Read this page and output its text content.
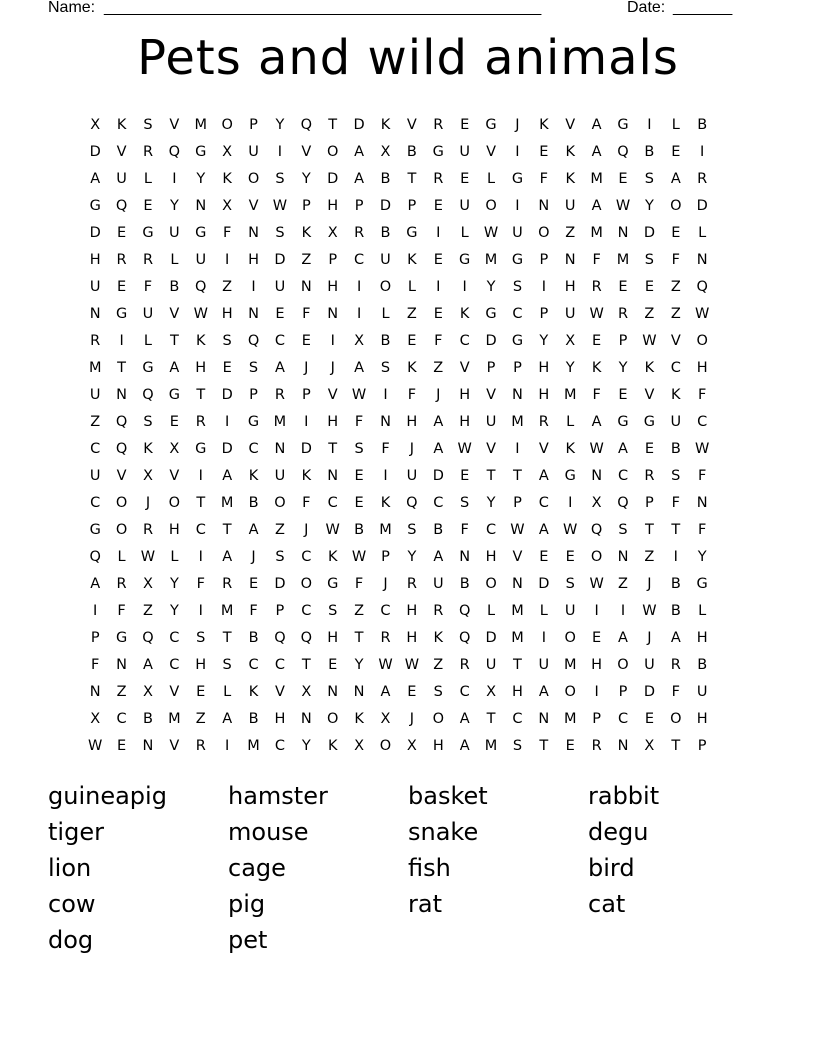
Name: ____________________________________________________	Date: _______
Pets and wild animals
X	K	S	V	M O	P	Y	Q	T	D	K	V	R	E	G	J	K	V	A	G	I	L	B
D	V	R	Q	G	X	U	I	V	O	A	X	B	G	U	V	I	E	K	A	Q	B	E	I
A	U	L	I	Y	K	O	S	Y	D	A	B	T	R	E	L	G	F	K	M	E	S	A	R
G	Q	E	Y	N	X	V W	P	H	P	D	P	E	U	O	I	N	U	A W	Y	O	D
D	E	G	U	G	F	N	S	K	X	R	B	G	I	L	W U	O	Z	M	N	D	E	L
H	R	R	L	U	I	H	D	Z	P	C	U	K	E	G	M	G	P	N	F	M	S	F	N
U	E	F	B	Q	Z	I	U	N	H	I	O	L	I	I	Y	S	I	H	R	E	E	Z	Q
N	G	U	V W H	N	E	F	N	I	L	Z	E	K	G	C	P	U W R	Z	Z W
R	I	L	T	K	S	Q	C	E	I	X	B	E	F	C	D	G	Y	X	E	P	W V	O
M	T	G	A	H	E	S	A	J	J	A	S	K	Z	V	P	P	H	Y	K	Y	K	C	H
U	N	Q	G	T	D	P	R	P	V W	I	F	J	H	V	N	H	M	F	E	V	K	F
Z	Q	S	E	R	I	G	M	I	H	F	N	H	A	H	U	M	R	L	A	G	G	U	C
C	Q	K	X	G	D	C	N	D	T	S	F	J	A W V	I	V	K W A	E	B W
U	V	X	V	I	A	K	U	K	N	E	I	U	D	E	T	T	A	G	N	C	R	S	F
C	O	J	O	T	M	B	O	F	C	E	K	Q	C	S	Y	P	C	I	X	Q	P	F	N
G	O	R	H	C	T	A	Z	J	W B	M	S	B	F	C W A W Q	S	T	T	F
Q	L	W	L	I	A	J	S	C	K W	P	Y	A	N	H	V	E	E	O	N	Z	I	Y
A	R	X	Y	F	R	E	D	O	G	F	J	R	U	B	O	N	D	S	W Z	J	B	G
I	F	Z	Y	I	M	F	P	C	S	Z	C	H	R	Q	L	M	L	U	I	I	W B	L
P	G	Q	C	S	T	B	Q	Q	H	T	R	H	K	Q	D	M	I	O	E	A	J	A	H
F	N	A	C	H	S	C	C	T	E	Y	W W Z	R	U	T	U	M	H	O	U	R	B
N	Z	X	V	E	L	K	V	X	N	N	A	E	S	C	X	H	A	O	I	P	D	F	U
X	C	B	M	Z	A	B	H	N	O	K	X	J	O	A	T	C	N	M	P	C	E	O	H
W	E	N	V	R	I	M	C	Y	K	X	O	X	H	A	M	S	T	E	R	N	X	T	P
guineapig	hamster	basket	rabbit
tiger	mouse	snake	degu
lion	cage	fish	bird
cow	pig	rat	cat
dog	pet
